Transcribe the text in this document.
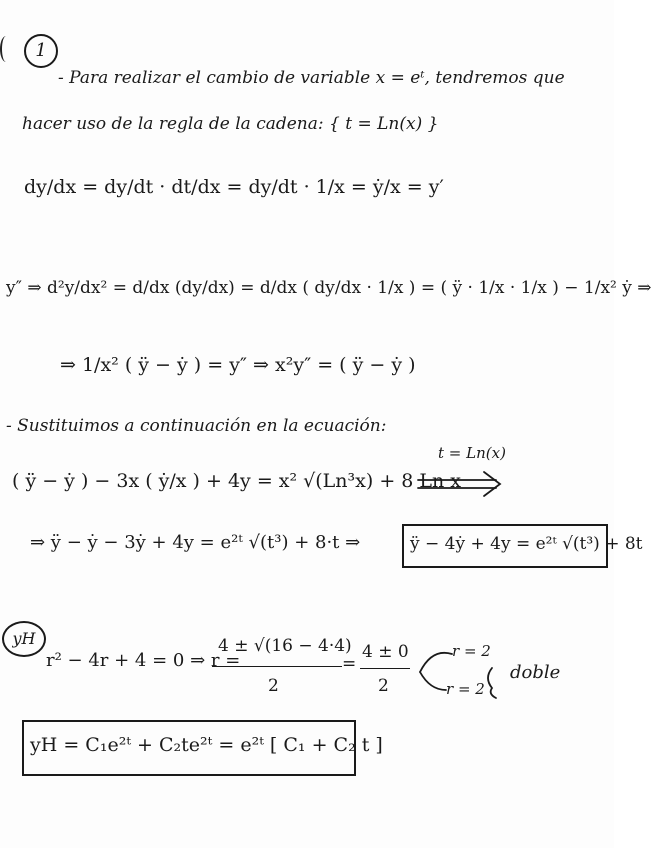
1
- Para realizar el cambio de variable x = eᵗ, tendremos que
hacer uso de la regla de la cadena: { t = Ln(x) }
dy/dx = dy/dt · dt/dx = dy/dt · 1/x = ẏ/x = y′
y″ ⇒ d²y/dx² = d/dx (dy/dx) = d/dx ( dy/dx · 1/x ) = ( ÿ · 1/x · 1/x ) − 1/x² ẏ ⇒
⇒ 1/x² ( ÿ − ẏ ) = y″ ⇒ x²y″ = ( ÿ − ẏ )
- Sustituimos a continuación en la ecuación:
( ÿ − ẏ ) − 3x ( ẏ/x ) + 4y = x² √(Ln³x) + 8 Ln x
t = Ln(x)
⇒ ÿ − ẏ − 3ẏ + 4y = e²ᵗ √(t³) + 8·t ⇒	ÿ − 4ẏ + 4y = e²ᵗ √(t³) + 8t
yH
r² − 4r + 4 = 0 ⇒ r =
4 ± √(16 − 4·4)
2
=
4 ± 0
2
r = 2
r = 2
doble
yH = C₁e²ᵗ + C₂te²ᵗ = e²ᵗ [ C₁ + C₂ t ]
